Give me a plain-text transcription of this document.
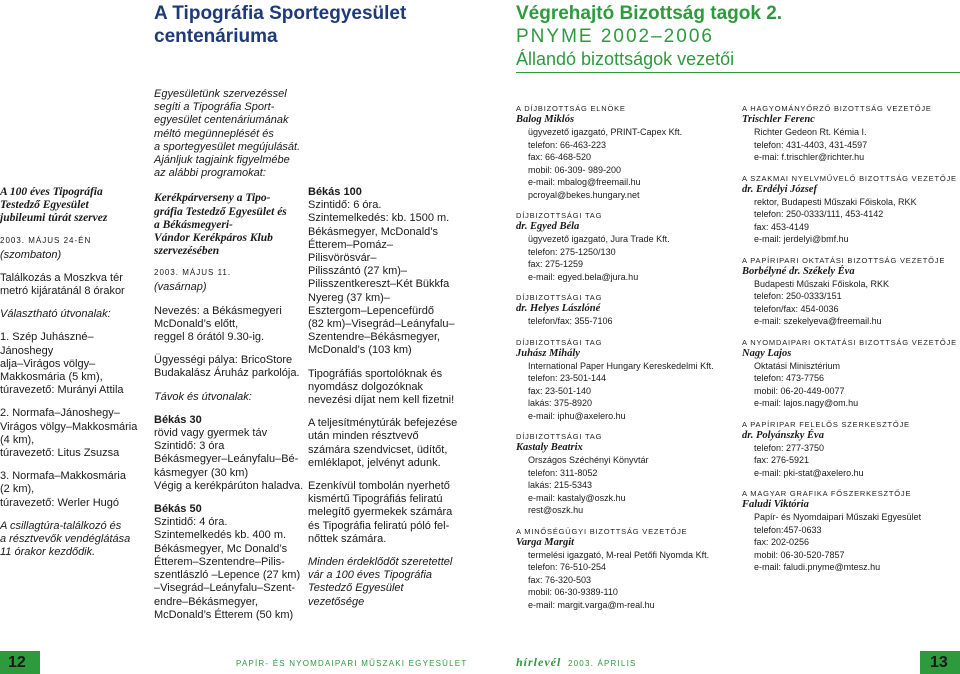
A Tipográfia Sportegyesület
centenáriuma
Végrehajtó Bizottság tagok 2.
PNYME 2002–2006
Állandó bizottságok vezetői
A 100 éves Tipográfia
Testedző Egyesület
jubileumi túrát szervez
2003. MÁJUS 24-ÉN
(szombaton)
Találkozás a Moszkva tér
metró kijáratánál 8 órakor
Választható útvonalak:
1. Szép Juhászné–Jánoshegy
alja–Virágos völgy–
Makkosmária (5 km),
túravezető: Murányi Attila
2. Normafa–Jánoshegy–
Virágos völgy–Makkosmária
(4 km),
túravezető: Litus Zsuzsa
3. Normafa–Makkosmária
(2 km),
túravezető: Werler Hugó
A csillagtúra-találkozó és
a résztvevők vendéglátása
11 órakor kezdődik.
Egyesületünk szervezéssel
segíti a Tipográfia Sport-
egyesület centenáriumának
méltó megünneplését és
a sportegyesület megújulását.
Ajánljuk tagjaink figyelmébe
az alábbi programokat:
Kerékpárverseny a Tipo-
gráfia Testedző Egyesület és
a Békásmegyeri-
Vándor Kerékpáros Klub
szervezésében
2003. MÁJUS 11.
(vasárnap)
Nevezés: a Békásmegyeri
McDonald’s előtt,
reggel 8 órától 9.30-ig.
Ügyességi pálya: BricoStore
Budakalász Áruház parkolója.
Távok és útvonalak:
Békás 30
rövid vagy gyermek táv
Szintidő: 3 óra
Békásmegyer–Leányfalu–Bé-
kásmegyer (30 km)
Végig a kerékpárúton haladva.
Békás 50
Szintidő: 4 óra.
Szintemelkedés kb. 400 m.
Békásmegyer, Mc Donald’s
Étterem–Szentendre–Pilis-
szentlászló –Lepence (27 km)
–Visegrád–Leányfalu–Szent-
endre–Békásmegyer,
McDonald’s Étterem (50 km)
Békás 100
Szintidő: 6 óra.
Szintemelkedés: kb. 1500 m.
Békásmegyer, McDonald’s
Étterem–Pomáz–Pilisvörösvár–
Pilisszántó (27 km)–
Pilisszentkereszt–Két Bükkfa
Nyereg (37 km)–
Esztergom–Lepencefürdő
(82 km)–Visegrád–Leányfalu–
Szentendre–Békásmegyer,
McDonald’s (103 km)
Tipográfiás sportolóknak és
nyomdász dolgozóknak
nevezési díjat nem kell fizetni!
A teljesítménytúrák befejezése
után minden résztvevő
számára szendvicset, üdítőt,
emléklapot, jelvényt adunk.
Ezenkívül tombolán nyerhető
kismértű Tipográfiás feliratú
melegítő gyermekek számára
és Tipográfia feliratú póló fel-
nőttek számára.
Minden érdeklődőt szeretettel
vár a 100 éves Tipográfia
Testedző Egyesület vezetősége
A DÍJBIZOTTSÁG ELNÖKE
Balog Miklós
ügyvezető igazgató, PRINT-Capex Kft.
telefon: 66-463-223
fax: 66-468-520
mobil: 06-309- 989-200
e-mail: mbalog@freemail.hu
pcroyal@bekes.hungary.net
DÍJBIZOTTSÁGI TAG
dr. Egyed Béla
ügyvezető igazgató, Jura Trade Kft.
telefon: 275-1250/130
fax: 275-1259
e-mail: egyed.bela@jura.hu
DÍJBIZOTTSÁGI TAG
dr. Helyes Lászlóné
telefon/fax: 355-7106
DÍJBIZOTTSÁGI TAG
Juhász Mihály
International Paper Hungary Kereskedelmi Kft.
telefon: 23-501-144
fax: 23-501-140
lakás: 375-8920
e-mail: iphu@axelero.hu
DÍJBIZOTTSÁGI TAG
Kastaly Beatrix
Országos Széchényi Könyvtár
telefon: 311-8052
lakás: 215-5343
e-mail: kastaly@oszk.hu
rest@oszk.hu
A MINŐSÉGÜGYI BIZOTTSÁG VEZETŐJE
Varga Margit
termelési igazgató, M-real Petőfi Nyomda Kft.
telefon: 76-510-254
fax: 76-320-503
mobil: 06-30-9389-110
e-mail: margit.varga@m-real.hu
A HAGYOMÁNYŐRZŐ BIZOTTSÁG VEZETŐJE
Trischler Ferenc
Richter Gedeon Rt. Kémia I.
telefon: 431-4403, 431-4597
e-mai: f.trischler@richter.hu
A SZAKMAI NYELVMŰVELŐ BIZOTTSÁG VEZETŐJE
dr. Erdélyi József
rektor, Budapesti Műszaki Főiskola, RKK
telefon: 250-0333/111, 453-4142
fax: 453-4149
e-mail: jerdelyi@bmf.hu
A PAPÍRIPARI OKTATÁSI BIZOTTSÁG VEZETŐJE
Borbélyné dr. Székely Éva
Budapesti Műszaki Főiskola, RKK
telefon: 250-0333/151
telefon/fax: 454-0036
e-mail: szekelyeva@freemail.hu
A NYOMDAIPARI OKTATÁSI BIZOTTSÁG VEZETŐJE
Nagy Lajos
Oktatási Minisztérium
telefon: 473-7756
mobil: 06-20-449-0077
e-mail: lajos.nagy@om.hu
A PAPÍRIPAR FELELŐS SZERKESZTŐJE
dr. Polyánszky Éva
telefon: 277-3750
fax: 276-5921
e-mail: pki-stat@axelero.hu
A MAGYAR GRAFIKA FŐSZERKESZTŐJE
Faludi Viktória
Papír- és Nyomdaipari Műszaki Egyesület
telefon:457-0633
fax: 202-0256
mobil: 06-30-520-7857
e-mail: faludi.pnyme@mtesz.hu
12	13
PAPÍR- ÉS NYOMDAIPARI MŰSZAKI EGYESÜLET	hírlevél 2003. ÁPRILIS
